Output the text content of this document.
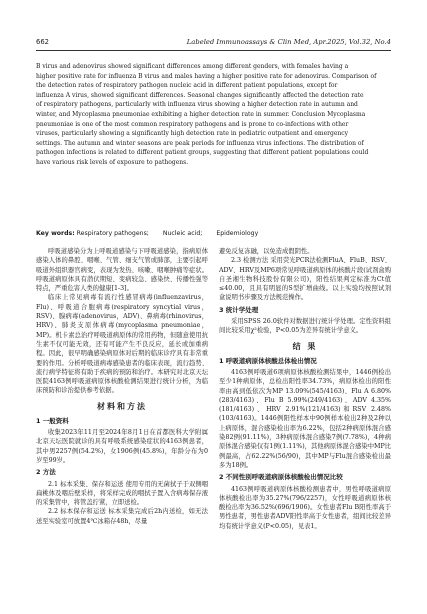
662	Labeled Immunoassays & Clin Med, Apr.2025, Vol.32, No.4

B virus and adenovirus showed significant differences among different genders, with females having a

higher positive rate for influenza B virus and males having a higher positive rate for adenovirus. Comparison of

the detection rates of respiratory pathogen nucleic acid in different patient populations, except for

influenza A virus, showed significant differences. Seasonal changes significantly affected the detection rate

of respiratory pathogens, particularly with influenza virus showing a higher detection rate in autumn and

winter, and Mycoplasma pneumoniae exhibiting a higher detection rate in summer. Conclusion Mycoplasma

pneumoniae is one of the most common respiratory pathogens and is prone to co-infections with other

viruses, particularly showing a significantly high detection rate in pediatric outpatient and emergency

settings. The autumn and winter seasons are peak periods for influenza virus infections. The distribution of

pathogen infections is related to different patient groups, suggesting that different patient populations could

have various risk levels of exposure to pathogens.

Key words: Respiratory pathogens; Nucleic acid; Epidemiology

呼吸道感染分为上呼吸道感染与下呼吸道感染，指病原体感染人体的鼻腔、咽喉、气管、细支气管或肺部，主要引起呼吸道外组织器官病变，表现为发热、咳嗽、咽喉肿痛等症状。呼吸道病原体具有潜伏期短、变病较急、感染快、传播性强等特点，严重危害人类的健康[1-3]。

临床上常见病毒有流行性感冒病毒(influenzavirus，Flu)、呼吸道合胞病毒(respiratory syncytial virus，RSV)、腺病毒(adenovirus，ADV)、鼻病毒(rhinovirus，HRV)、肺炎支原体病毒(mycoplasma pneumoniae，MP)。机卡素总治疗呼吸道病原体的常用药物，但随意使用抗生素不仅可能无效，还有可能产生不良反应，延长或加重病程。因此，很早明确感染病原体对后期的临床诊疗具有非常重要的作用。分析呼吸道病毒感染患者的临床表现，流行趋势、流行病学特征将有助于疾病的预防和治疗。本研究对北京天坛医院4163例呼吸道病原体核酸检测结果进行统计分析，为临床预防和诊治提供参考依据。

材料和方法
1 一般资料

收集2023年11月至2024年8月1日在首都医科大学附属北京天坛医院就诊的具有呼吸系统感染症状的4163例患者，其中男2257例(54.2%)，女1906例(45.8%)，年龄分布为0岁至99岁。

2 方法

2.1 标本采集、保存和运送 使用专用的无菌拭子于双侧咽扁桃体及咽后壁采样，将采样完成的咽拭子置入含病毒保存液的采集管中，将管盖拧紧，立即送检。

2.2 标本保存和运送 标本采集完成后2h内送检，如无法送至实验室可放置4℃冰箱存48h，尽量

避免反复冻融，以免造成假阴性。

2.3 检测方法 采用荧光PCR法检测FluA、FluB、RSV、ADV、HRV及MP6项常见呼吸道病原体的核酸片段(试剂盒购自圣湘生物科技股份有限公司)，阳性结果判定标准为Ct值≤40.00，且具有明显的S型扩增曲线。以上实验均按照试剂盒说明书步骤及方法规范操作。

3 统计学处理

采用SPSS 26.0软件对数据进行统计学处理。定性资料组间比较采用χ²检验，P<0.05为差异有统计学意义。

结 果
1 呼吸道病原体核酸总体检出情况

4163例呼吸道6项病原体核酸检测结果中，1446例检出至少1种病原体，总检出阳性率34.73%，病原体检出的阳性率由高到低依次为MP 13.09%(545/4163)、Flu A 6.80%(283/4163)、Flu B 5.99%(249/4163)、ADV 4.35%(181/4163)、HRV 2.91%(121/4163)和RSV 2.48%(103/4163)。1446例阳性样本中90例样本检出2种及2种以上病原体，混合感染检出率为6.22%，包括2种病原体混合感染82例(91.11%)，3种病原体混合感染7例(7.78%)，4种病原体混合感染仅有1例(1.11%)，其他病原体混合感染中MP比例最高，占62.22%(56/90)，其中MP与Flu混合感染检出最多为18例。

2 不同性别呼吸道病原体核酸检出情况比较

4163例呼吸道病原体核酸检测患者中，男性呼吸道病原体核酸检出率为35.27%(796/2257)，女性呼吸道病原体核酸检出率为36.52%(696/1906)。女性患者Flu B阳性率高于男性患者，男性患者ADV阳性率高于女性患者，组间比较差异均有统计学意义(P<0.05)，见表1。
